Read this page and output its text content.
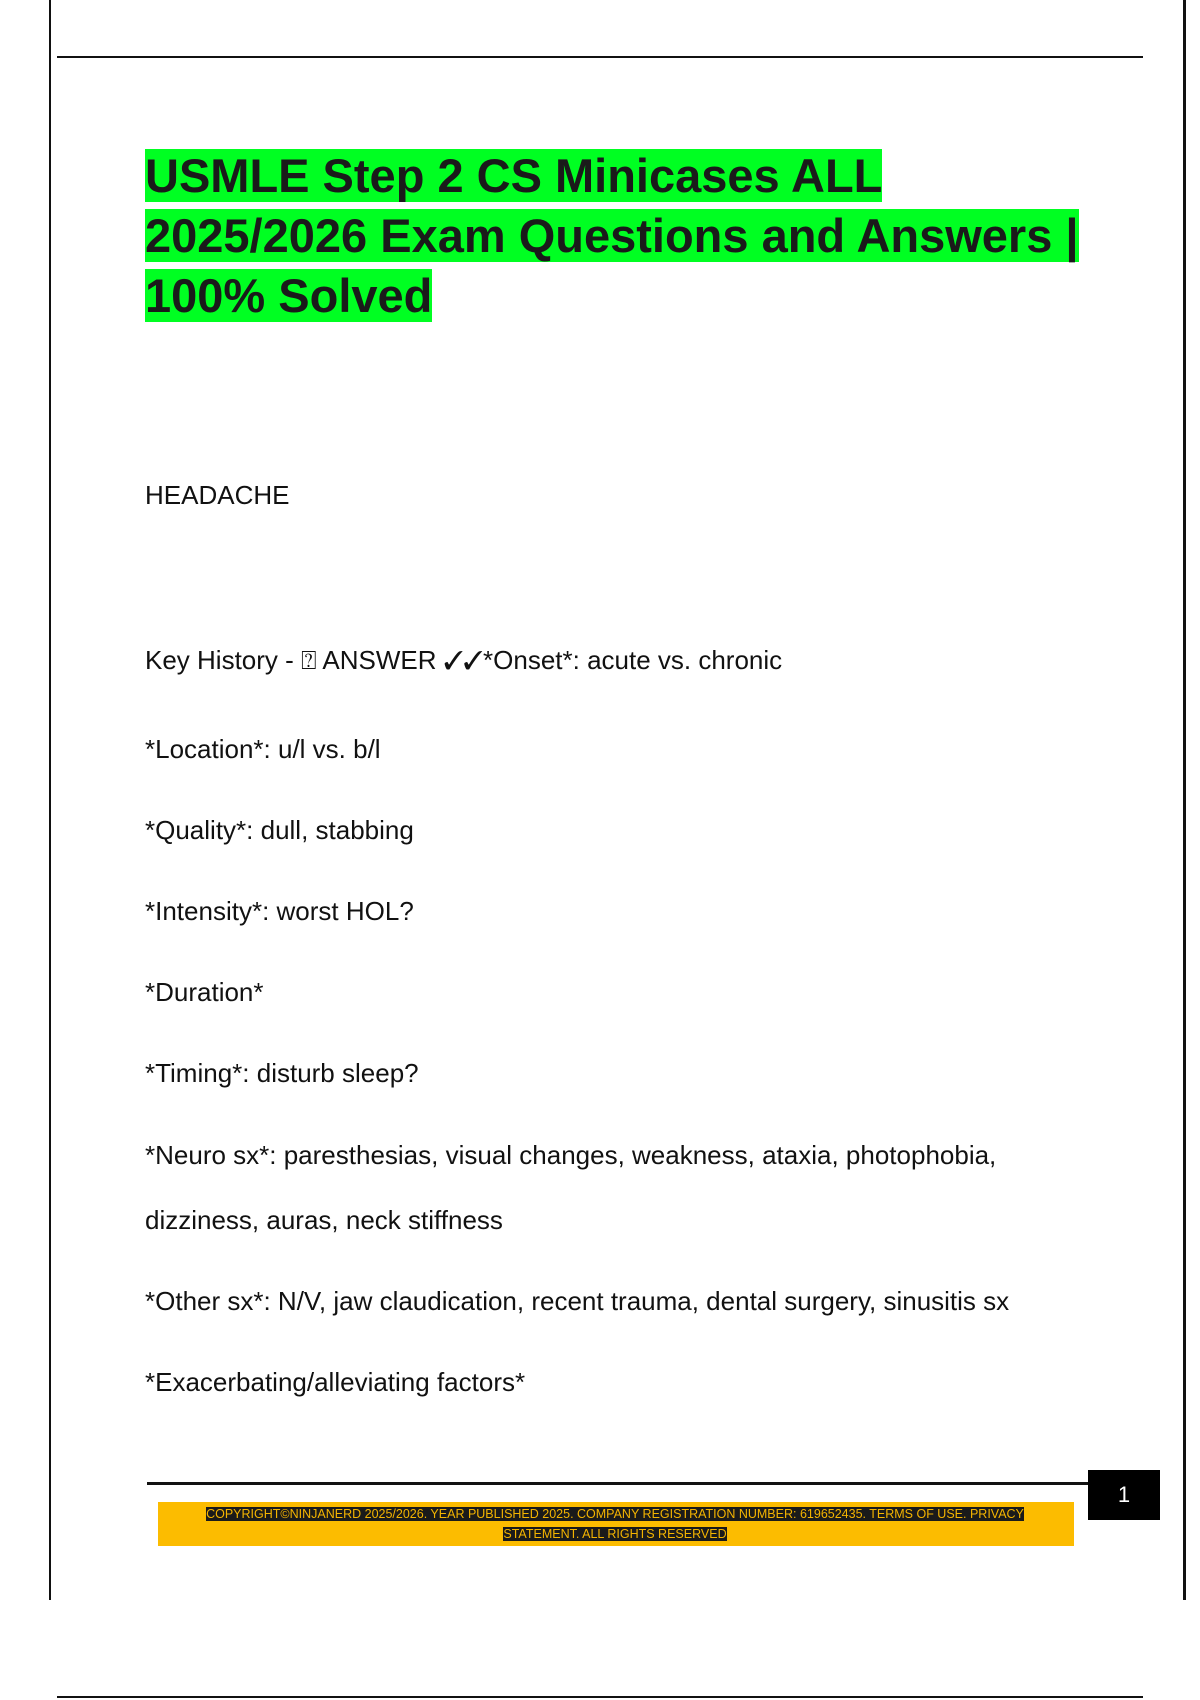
USMLE Step 2 CS Minicases ALL 2025/2026 Exam Questions and Answers | 100% Solved
HEADACHE
Key History - ⍰ ANSWER ✓✓*Onset*: acute vs. chronic
*Location*: u/l vs. b/l
*Quality*: dull, stabbing
*Intensity*: worst HOL?
*Duration*
*Timing*: disturb sleep?
*Neuro sx*: paresthesias, visual changes, weakness, ataxia, photophobia,
dizziness, auras, neck stiffness
*Other sx*: N/V, jaw claudication, recent trauma, dental surgery, sinusitis sx
*Exacerbating/alleviating factors*
1
COPYRIGHT©NINJANERD 2025/2026. YEAR PUBLISHED 2025. COMPANY REGISTRATION NUMBER: 619652435. TERMS OF USE. PRIVACY STATEMENT. ALL RIGHTS RESERVED
